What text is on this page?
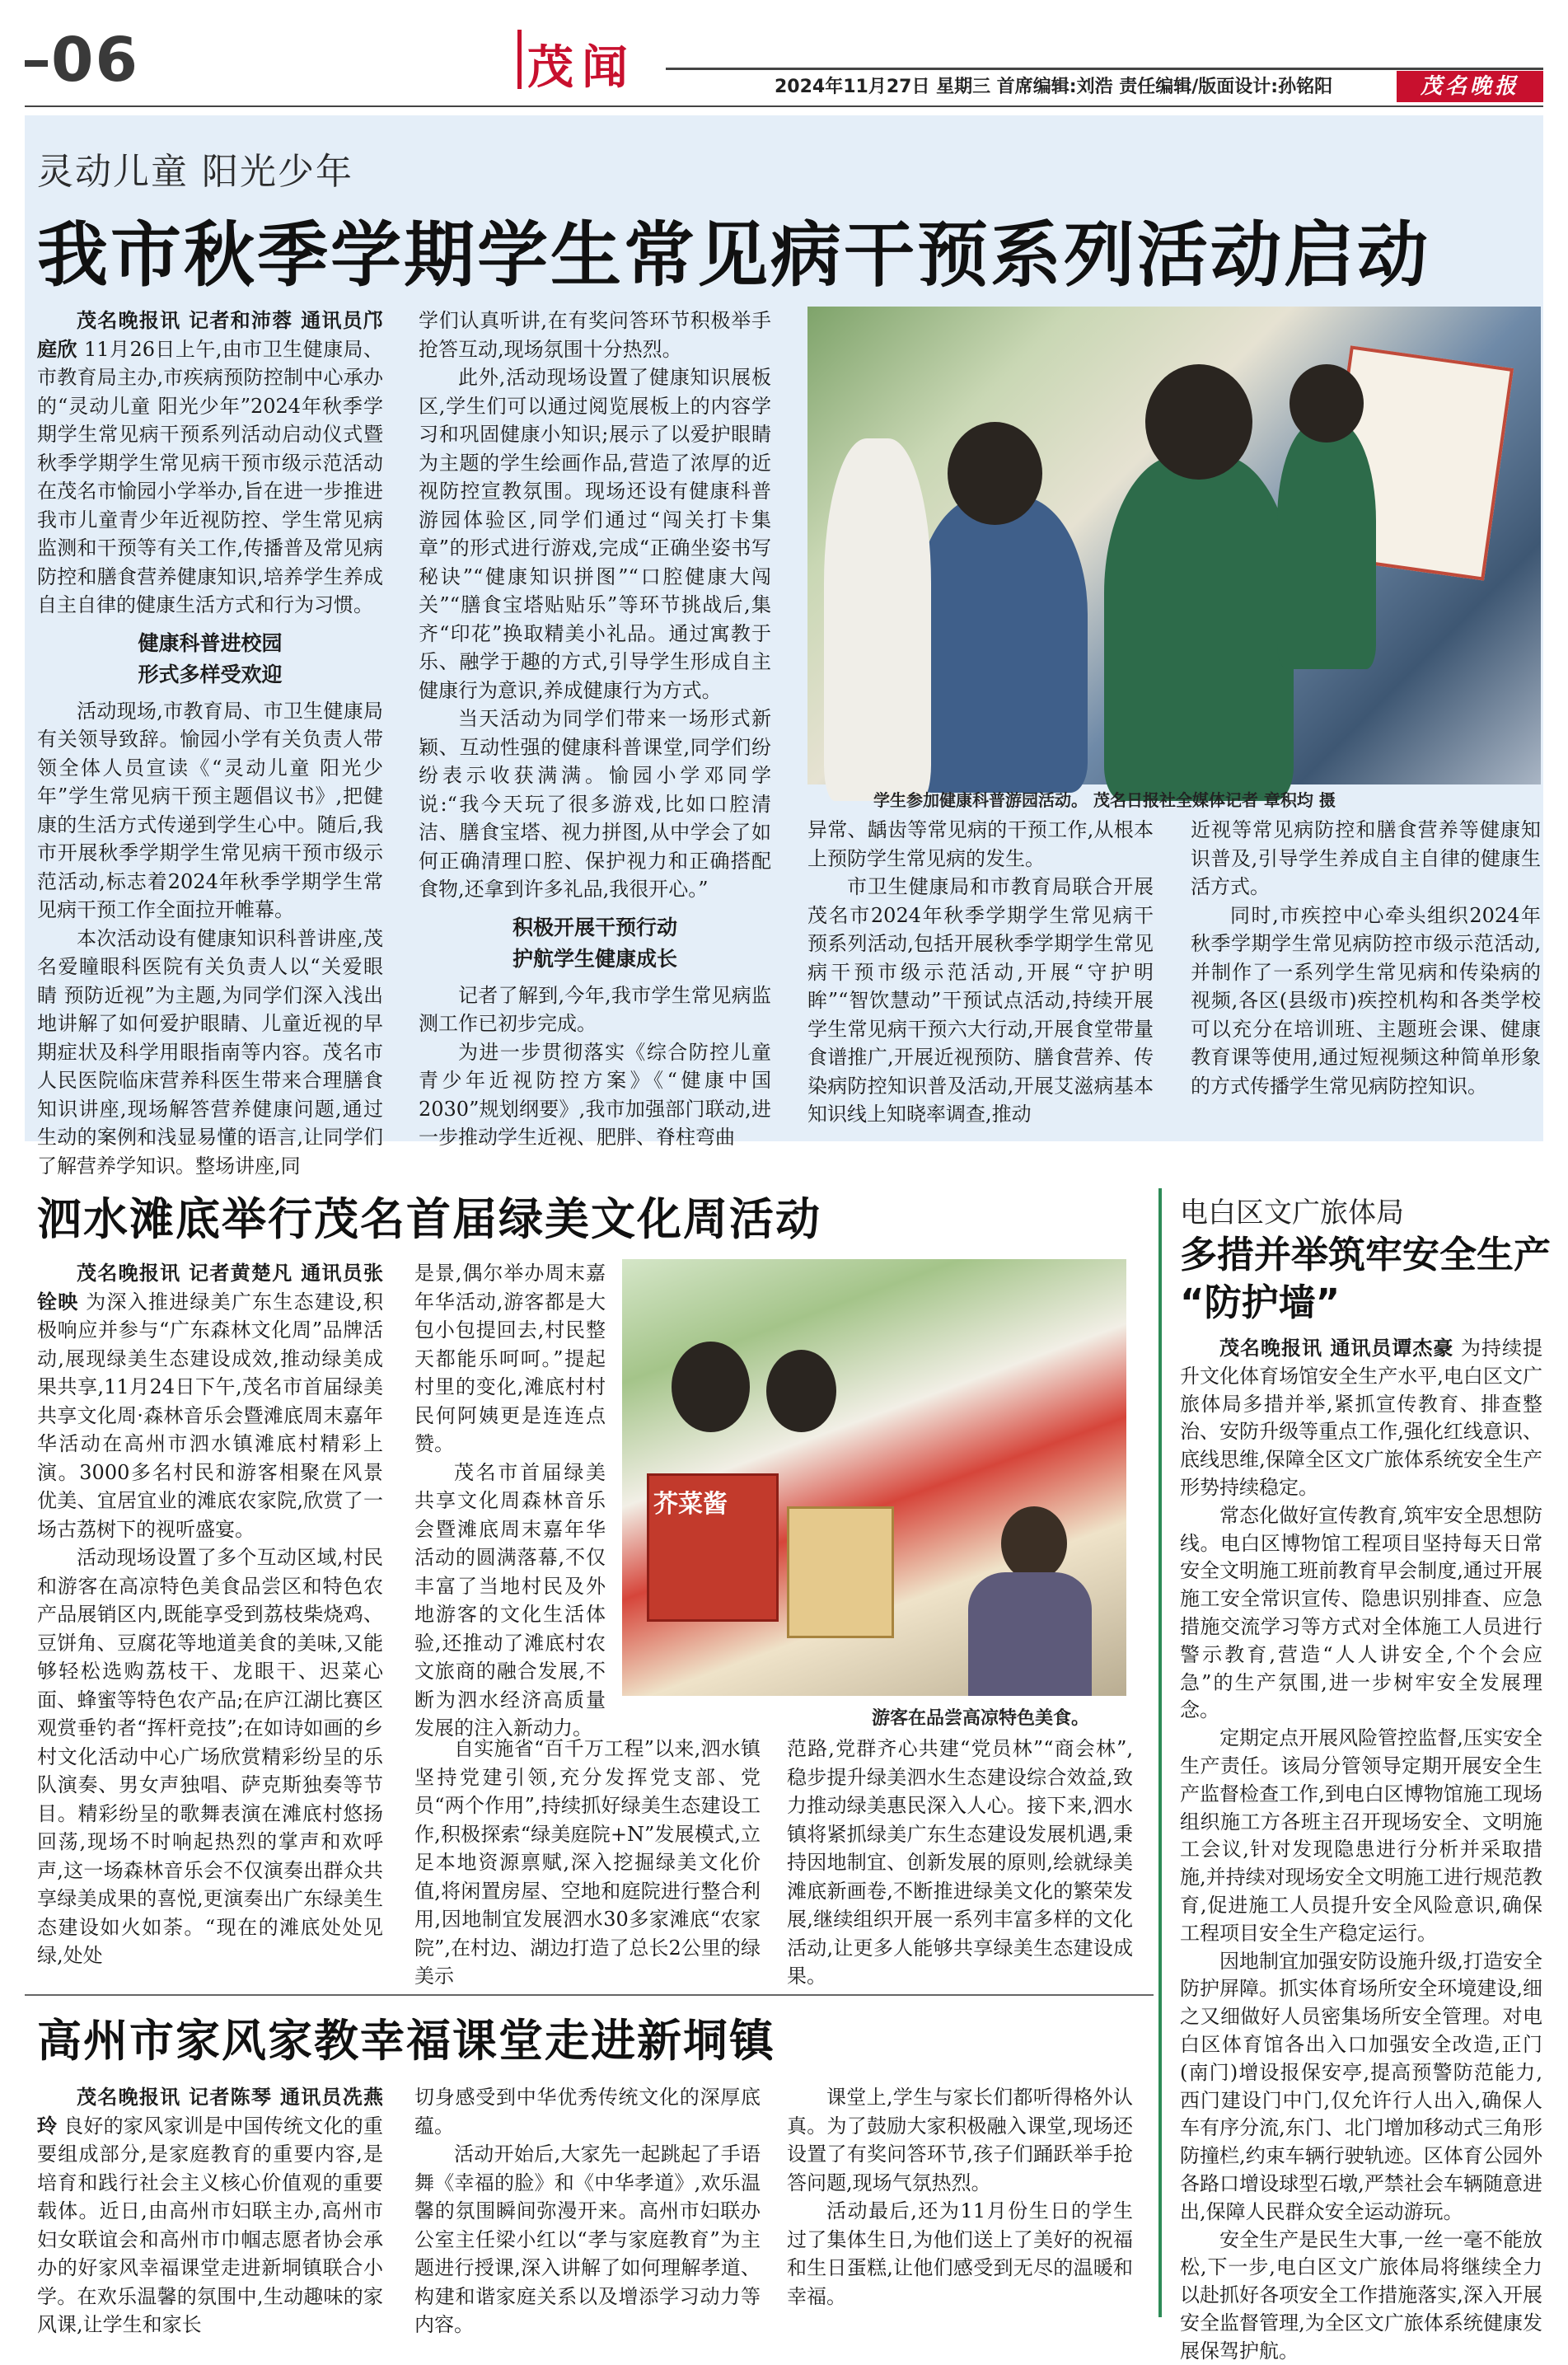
06	茂闻	2024年11月27日 星期三 首席编辑:刘浩 责任编辑/版面设计:孙铭阳	茂名晚报
灵动儿童 阳光少年
我市秋季学期学生常见病干预系列活动启动

茂名晚报讯 记者和沛蓉 通讯员邝庭欣 11月26日上午,由市卫生健康局、市教育局主办,市疾病预防控制中心承办的“灵动儿童 阳光少年”2024年秋季学期学生常见病干预系列活动启动仪式暨秋季学期学生常见病干预市级示范活动在茂名市愉园小学举办,旨在进一步推进我市儿童青少年近视防控、学生常见病监测和干预等有关工作,传播普及常见病防控和膳食营养健康知识,培养学生养成自主自律的健康生活方式和行为习惯。

健康科普进校园
形式多样受欢迎

活动现场,市教育局、市卫生健康局有关领导致辞。愉园小学有关负责人带领全体人员宣读《“灵动儿童 阳光少年”学生常见病干预主题倡议书》,把健康的生活方式传递到学生心中。随后,我市开展秋季学期学生常见病干预市级示范活动,标志着2024年秋季学期学生常见病干预工作全面拉开帷幕。

本次活动设有健康知识科普讲座,茂名爱瞳眼科医院有关负责人以“关爱眼睛 预防近视”为主题,为同学们深入浅出地讲解了如何爱护眼睛、儿童近视的早期症状及科学用眼指南等内容。茂名市人民医院临床营养科医生带来合理膳食知识讲座,现场解答营养健康问题,通过生动的案例和浅显易懂的语言,让同学们了解营养学知识。整场讲座,同

学们认真听讲,在有奖问答环节积极举手抢答互动,现场氛围十分热烈。

此外,活动现场设置了健康知识展板区,学生们可以通过阅览展板上的内容学习和巩固健康小知识;展示了以爱护眼睛为主题的学生绘画作品,营造了浓厚的近视防控宣教氛围。现场还设有健康科普游园体验区,同学们通过“闯关打卡集章”的形式进行游戏,完成“正确坐姿书写秘诀”“健康知识拼图”“口腔健康大闯关”“膳食宝塔贴贴乐”等环节挑战后,集齐“印花”换取精美小礼品。通过寓教于乐、融学于趣的方式,引导学生形成自主健康行为意识,养成健康行为方式。

当天活动为同学们带来一场形式新颖、互动性强的健康科普课堂,同学们纷纷表示收获满满。愉园小学邓同学说:“我今天玩了很多游戏,比如口腔清洁、膳食宝塔、视力拼图,从中学会了如何正确清理口腔、保护视力和正确搭配食物,还拿到许多礼品,我很开心。”

积极开展干预行动
护航学生健康成长

记者了解到,今年,我市学生常见病监测工作已初步完成。

为进一步贯彻落实《综合防控儿童青少年近视防控方案》《“健康中国2030”规划纲要》,我市加强部门联动,进一步推动学生近视、肥胖、脊柱弯曲

学生参加健康科普游园活动。 茂名日报社全媒体记者 章积均 摄

异常、龋齿等常见病的干预工作,从根本上预防学生常见病的发生。

市卫生健康局和市教育局联合开展茂名市2024年秋季学期学生常见病干预系列活动,包括开展秋季学期学生常见病干预市级示范活动,开展“守护明眸”“智饮慧动”干预试点活动,持续开展学生常见病干预六大行动,开展食堂带量食谱推广,开展近视预防、膳食营养、传染病防控知识普及活动,开展艾滋病基本知识线上知晓率调查,推动

近视等常见病防控和膳食营养等健康知识普及,引导学生养成自主自律的健康生活方式。

同时,市疾控中心牵头组织2024年秋季学期学生常见病防控市级示范活动,并制作了一系列学生常见病和传染病的视频,各区(县级市)疾控机构和各类学校可以充分在培训班、主题班会课、健康教育课等使用,通过短视频这种简单形象的方式传播学生常见病防控知识。

泗水滩底举行茂名首届绿美文化周活动

茂名晚报讯 记者黄楚凡 通讯员张铨映 为深入推进绿美广东生态建设,积极响应并参与“广东森林文化周”品牌活动,展现绿美生态建设成效,推动绿美成果共享,11月24日下午,茂名市首届绿美共享文化周·森林音乐会暨滩底周末嘉年华活动在高州市泗水镇滩底村精彩上演。3000多名村民和游客相聚在风景优美、宜居宜业的滩底农家院,欣赏了一场古荔树下的视听盛宴。

活动现场设置了多个互动区域,村民和游客在高凉特色美食品尝区和特色农产品展销区内,既能享受到荔枝柴烧鸡、豆饼角、豆腐花等地道美食的美味,又能够轻松选购荔枝干、龙眼干、迟菜心面、蜂蜜等特色农产品;在庐江湖比赛区观赏垂钓者“挥杆竞技”;在如诗如画的乡村文化活动中心广场欣赏精彩纷呈的乐队演奏、男女声独唱、萨克斯独奏等节目。精彩纷呈的歌舞表演在滩底村悠扬回荡,现场不时响起热烈的掌声和欢呼声,这一场森林音乐会不仅演奏出群众共享绿美成果的喜悦,更演奏出广东绿美生态建设如火如荼。“现在的滩底处处见绿,处处

是景,偶尔举办周末嘉年华活动,游客都是大包小包提回去,村民整天都能乐呵呵。”提起村里的变化,滩底村村民何阿姨更是连连点赞。

茂名市首届绿美共享文化周森林音乐会暨滩底周末嘉年华活动的圆满落幕,不仅丰富了当地村民及外地游客的文化生活体验,还推动了滩底村农文旅商的融合发展,不断为泗水经济高质量发展的注入新动力。

芥菜酱
游客在品尝高凉特色美食。

自实施省“百千万工程”以来,泗水镇坚持党建引领,充分发挥党支部、党员“两个作用”,持续抓好绿美生态建设工作,积极探索“绿美庭院+N”发展模式,立足本地资源禀赋,深入挖掘绿美文化价值,将闲置房屋、空地和庭院进行整合利用,因地制宜发展泗水30多家滩底“农家院”,在村边、湖边打造了总长2公里的绿美示

范路,党群齐心共建“党员林”“商会林”,稳步提升绿美泗水生态建设综合效益,致力推动绿美惠民深入人心。接下来,泗水镇将紧抓绿美广东生态建设发展机遇,秉持因地制宜、创新发展的原则,绘就绿美滩底新画卷,不断推进绿美文化的繁荣发展,继续组织开展一系列丰富多样的文化活动,让更多人能够共享绿美生态建设成果。

高州市家风家教幸福课堂走进新垌镇

茂名晚报讯 记者陈琴 通讯员冼燕玲 良好的家风家训是中国传统文化的重要组成部分,是家庭教育的重要内容,是培育和践行社会主义核心价值观的重要载体。近日,由高州市妇联主办,高州市妇女联谊会和高州市巾帼志愿者协会承办的好家风幸福课堂走进新垌镇联合小学。在欢乐温馨的氛围中,生动趣味的家风课,让学生和家长

切身感受到中华优秀传统文化的深厚底蕴。

活动开始后,大家先一起跳起了手语舞《幸福的脸》和《中华孝道》,欢乐温馨的氛围瞬间弥漫开来。高州市妇联办公室主任梁小红以“孝与家庭教育”为主题进行授课,深入讲解了如何理解孝道、构建和谐家庭关系以及增添学习动力等内容。

课堂上,学生与家长们都听得格外认真。为了鼓励大家积极融入课堂,现场还设置了有奖问答环节,孩子们踊跃举手抢答问题,现场气氛热烈。

活动最后,还为11月份生日的学生过了集体生日,为他们送上了美好的祝福和生日蛋糕,让他们感受到无尽的温暖和幸福。

电白区文广旅体局
多措并举筑牢安全生产
“防护墙”

茂名晚报讯 通讯员谭杰豪 为持续提升文化体育场馆安全生产水平,电白区文广旅体局多措并举,紧抓宣传教育、排查整治、安防升级等重点工作,强化红线意识、底线思维,保障全区文广旅体系统安全生产形势持续稳定。

常态化做好宣传教育,筑牢安全思想防线。电白区博物馆工程项目坚持每天日常安全文明施工班前教育早会制度,通过开展施工安全常识宣传、隐患识别排查、应急措施交流学习等方式对全体施工人员进行警示教育,营造“人人讲安全,个个会应急”的生产氛围,进一步树牢安全发展理念。

定期定点开展风险管控监督,压实安全生产责任。该局分管领导定期开展安全生产监督检查工作,到电白区博物馆施工现场组织施工方各班主召开现场安全、文明施工会议,针对发现隐患进行分析并采取措施,并持续对现场安全文明施工进行规范教育,促进施工人员提升安全风险意识,确保工程项目安全生产稳定运行。

因地制宜加强安防设施升级,打造安全防护屏障。抓实体育场所安全环境建设,细之又细做好人员密集场所安全管理。对电白区体育馆各出入口加强安全改造,正门(南门)增设报保安亭,提高预警防范能力,西门建设门中门,仅允许行人出入,确保人车有序分流,东门、北门增加移动式三角形防撞栏,约束车辆行驶轨迹。区体育公园外各路口增设球型石墩,严禁社会车辆随意进出,保障人民群众安全运动游玩。

安全生产是民生大事,一丝一毫不能放松,下一步,电白区文广旅体局将继续全力以赴抓好各项安全工作措施落实,深入开展安全监督管理,为全区文广旅体系统健康发展保驾护航。
